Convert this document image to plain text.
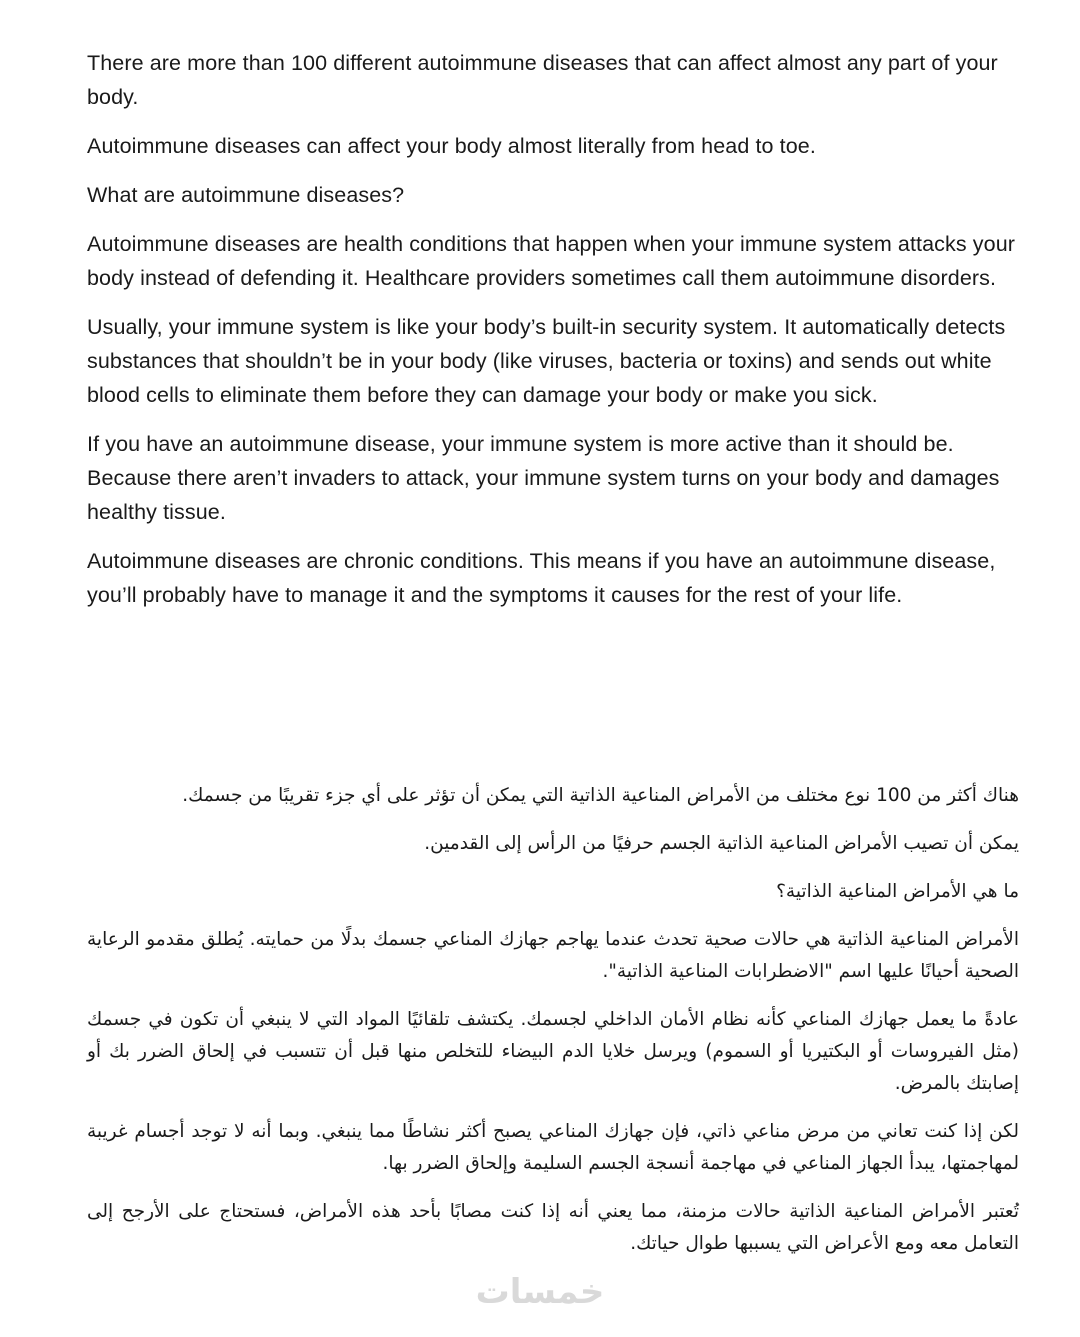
There are more than 100 different autoimmune diseases that can affect almost any part of your body.

Autoimmune diseases can affect your body almost literally from head to toe.

What are autoimmune diseases?

Autoimmune diseases are health conditions that happen when your immune system attacks your body instead of defending it. Healthcare providers sometimes call them autoimmune disorders.

Usually, your immune system is like your body’s built-in security system. It automatically detects substances that shouldn’t be in your body (like viruses, bacteria or toxins) and sends out white blood cells to eliminate them before they can damage your body or make you sick.

If you have an autoimmune disease, your immune system is more active than it should be. Because there aren’t invaders to attack, your immune system turns on your body and damages healthy tissue.

Autoimmune diseases are chronic conditions. This means if you have an autoimmune disease, you’ll probably have to manage it and the symptoms it causes for the rest of your life.

هناك أكثر من 100 نوع مختلف من الأمراض المناعية الذاتية التي يمكن أن تؤثر على أي جزء تقريبًا من جسمك.

يمكن أن تصيب الأمراض المناعية الذاتية الجسم حرفيًا من الرأس إلى القدمين.

ما هي الأمراض المناعية الذاتية؟

الأمراض المناعية الذاتية هي حالات صحية تحدث عندما يهاجم جهازك المناعي جسمك بدلًا من حمايته. يُطلق مقدمو الرعاية الصحية أحيانًا عليها اسم "الاضطرابات المناعية الذاتية".

عادةً ما يعمل جهازك المناعي كأنه نظام الأمان الداخلي لجسمك. يكتشف تلقائيًا المواد التي لا ينبغي أن تكون في جسمك (مثل الفيروسات أو البكتيريا أو السموم) ويرسل خلايا الدم البيضاء للتخلص منها قبل أن تتسبب في إلحاق الضرر بك أو إصابتك بالمرض.

لكن إذا كنت تعاني من مرض مناعي ذاتي، فإن جهازك المناعي يصبح أكثر نشاطًا مما ينبغي. وبما أنه لا توجد أجسام غريبة لمهاجمتها، يبدأ الجهاز المناعي في مهاجمة أنسجة الجسم السليمة وإلحاق الضرر بها.

تُعتبر الأمراض المناعية الذاتية حالات مزمنة، مما يعني أنه إذا كنت مصابًا بأحد هذه الأمراض، فستحتاج على الأرجح إلى التعامل معه ومع الأعراض التي يسببها طوال حياتك.

خمسات
